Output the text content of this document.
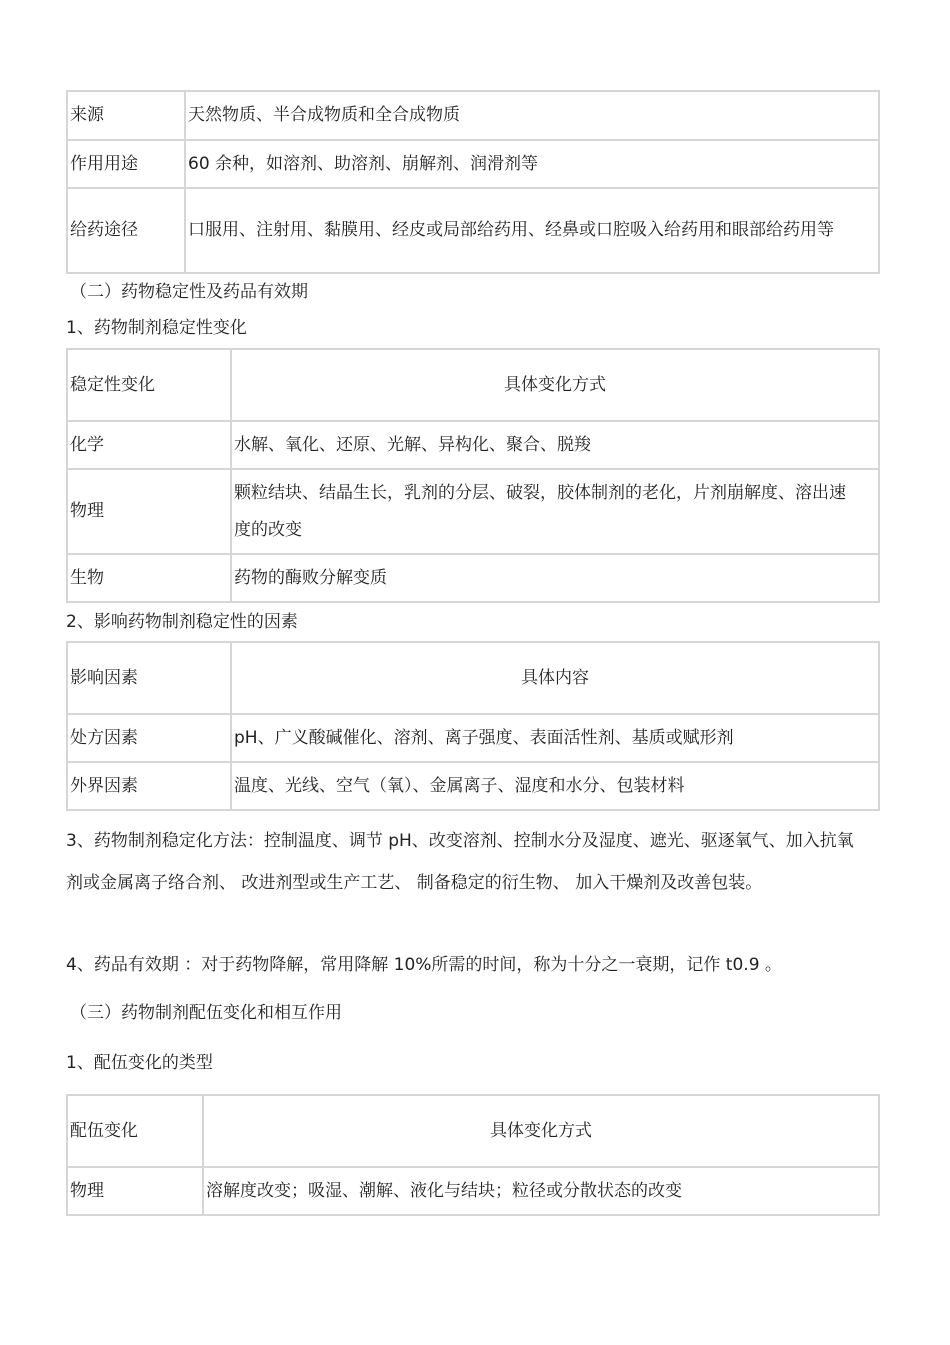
来源	天然物质、半合成物质和全合成物质
作用用途	60 余种，如溶剂、助溶剂、崩解剂、润滑剂等
给药途径	口服用、注射用、黏膜用、经皮或局部给药用、经鼻或口腔吸入给药用和眼部给药用等
（二）药物稳定性及药品有效期
1、药物制剂稳定性变化
稳定性变化	具体变化方式
化学	水解、氧化、还原、光解、异构化、聚合、脱羧
物理	颗粒结块、结晶生长，乳剂的分层、破裂，胶体制剂的老化，片剂崩解度、溶出速度的改变
生物	药物的酶败分解变质
2、影响药物制剂稳定性的因素
影响因素	具体内容
处方因素	pH、广义酸碱催化、溶剂、离子强度、表面活性剂、基质或赋形剂
外界因素	温度、光线、空气（氧）、金属离子、湿度和水分、包装材料
3、药物制剂稳定化方法：控制温度、调节 pH、改变溶剂、控制水分及湿度、遮光、驱逐氧气、加入抗氧剂或金属离子络合剂、 改进剂型或生产工艺、 制备稳定的衍生物、 加入干燥剂及改善包装。
4、药品有效期 ：对于药物降解，常用降解 10%所需的时间，称为十分之一衰期，记作 t0.9 。
（三）药物制剂配伍变化和相互作用
1、配伍变化的类型
配伍变化	具体变化方式
物理	溶解度改变；吸湿、潮解、液化与结块；粒径或分散状态的改变
